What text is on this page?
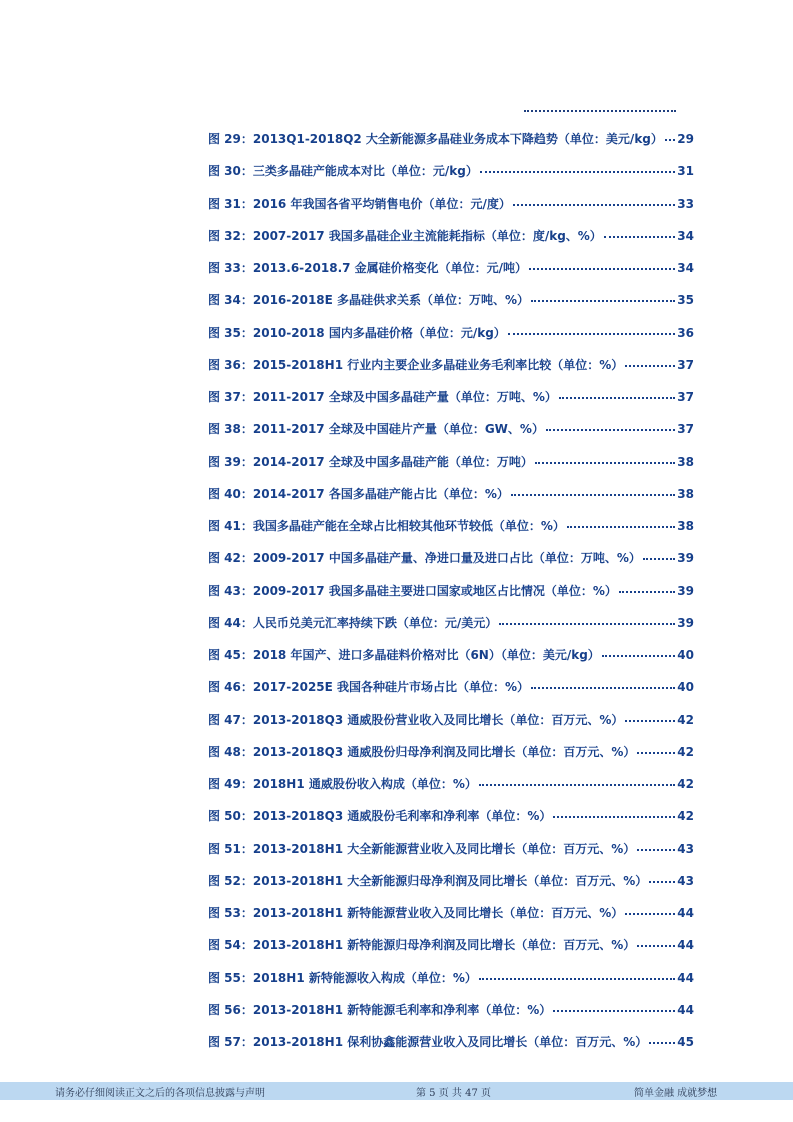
图 29：2013Q1-2018Q2 大全新能源多晶硅业务成本下降趋势（单位：美元/kg） 29
图 30：三类多晶硅产能成本对比（单位：元/kg）	31
图 31：2016 年我国各省平均销售电价（单位：元/度）	33
图 32：2007-2017 我国多晶硅企业主流能耗指标（单位：度/kg、%）	34
图 33：2013.6-2018.7 金属硅价格变化（单位：元/吨）	34
图 34：2016-2018E 多晶硅供求关系（单位：万吨、%）	35
图 35：2010-2018 国内多晶硅价格（单位：元/kg）	36
图 36：2015-2018H1 行业内主要企业多晶硅业务毛利率比较（单位：%）	37
图 37：2011-2017 全球及中国多晶硅产量（单位：万吨、%）	37
图 38：2011-2017 全球及中国硅片产量（单位：GW、%）	37
图 39：2014-2017 全球及中国多晶硅产能（单位：万吨）	38
图 40：2014-2017 各国多晶硅产能占比（单位：%）	38
图 41：我国多晶硅产能在全球占比相较其他环节较低（单位：%）	38
图 42：2009-2017 中国多晶硅产量、净进口量及进口占比（单位：万吨、%）	39
图 43：2009-2017 我国多晶硅主要进口国家或地区占比情况（单位：%）	39
图 44：人民币兑美元汇率持续下跌（单位：元/美元）	39
图 45：2018 年国产、进口多晶硅料价格对比（6N）（单位：美元/kg）	40
图 46：2017-2025E 我国各种硅片市场占比（单位：%）	40
图 47：2013-2018Q3 通威股份营业收入及同比增长（单位：百万元、%）	42
图 48：2013-2018Q3 通威股份归母净利润及同比增长（单位：百万元、%）	42
图 49：2018H1 通威股份收入构成（单位：%）	42
图 50：2013-2018Q3 通威股份毛利率和净利率（单位：%）	42
图 51：2013-2018H1 大全新能源营业收入及同比增长（单位：百万元、%）	43
图 52：2013-2018H1 大全新能源归母净利润及同比增长（单位：百万元、%）	43
图 53：2013-2018H1 新特能源营业收入及同比增长（单位：百万元、%）	44
图 54：2013-2018H1 新特能源归母净利润及同比增长（单位：百万元、%）	44
图 55：2018H1 新特能源收入构成（单位：%）	44
图 56：2013-2018H1 新特能源毛利率和净利率（单位：%）	44
图 57：2013-2018H1 保利协鑫能源营业收入及同比增长（单位：百万元、%）	45
请务必仔细阅读正文之后的各项信息披露与声明	第 5 页 共 47 页	简单金融 成就梦想
